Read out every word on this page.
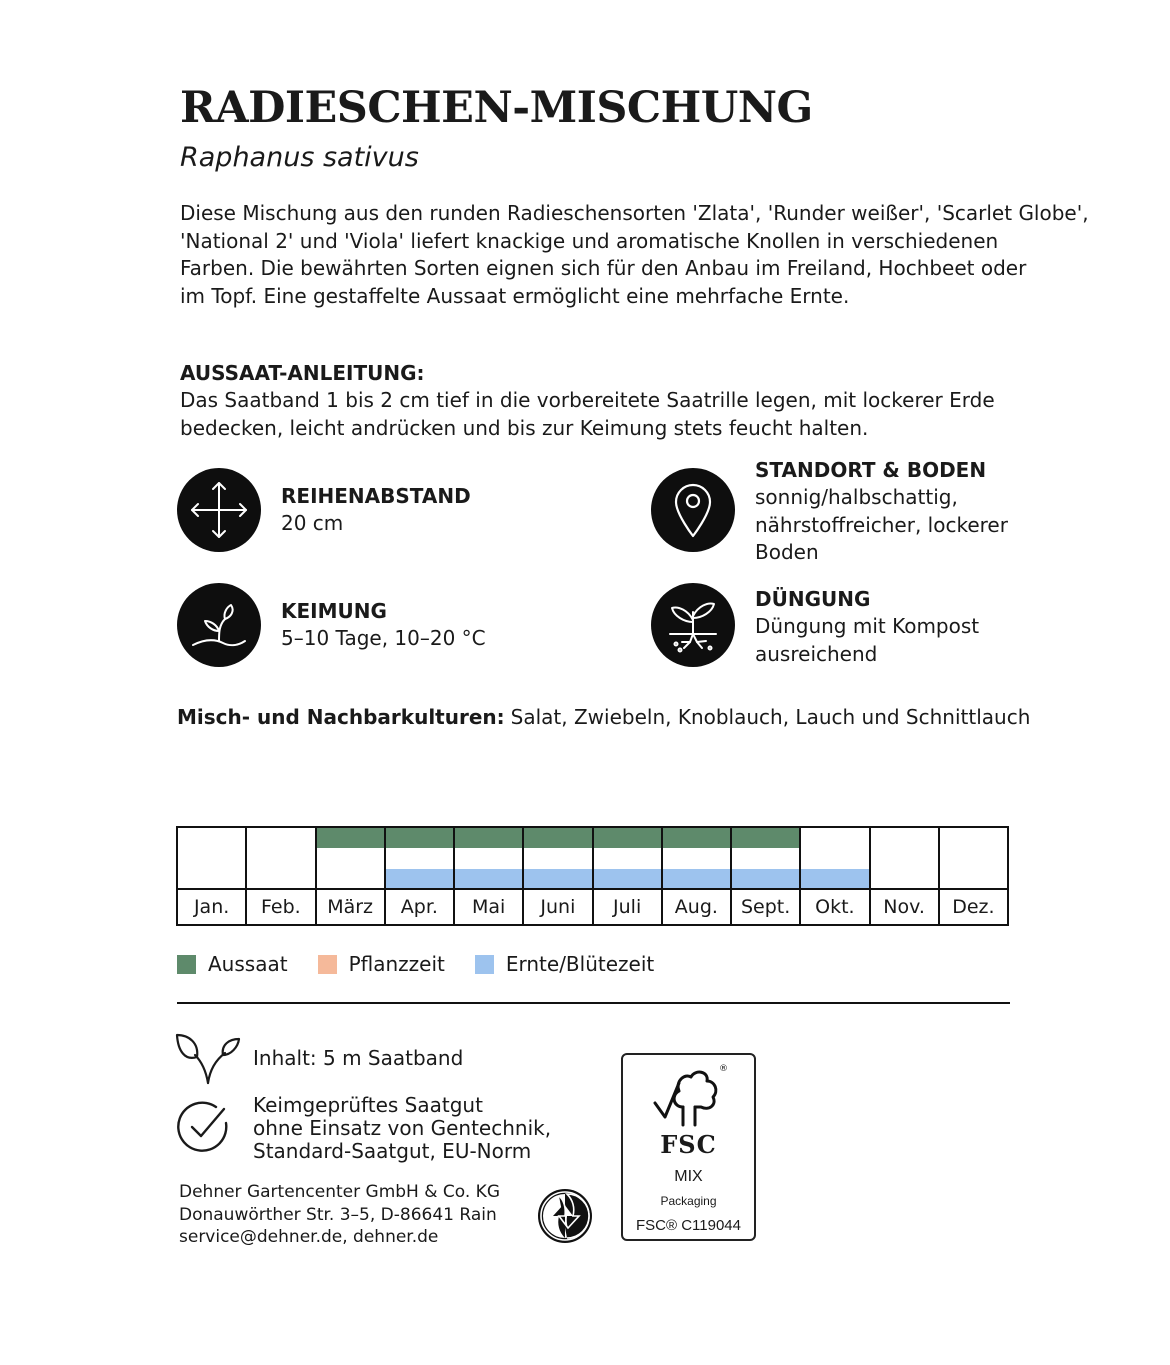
RADIESCHEN-MISCHUNG
Raphanus sativus

Diese Mischung aus den runden Radieschensorten 'Zlata', 'Runder weißer', 'Scarlet Globe',

'National 2' und 'Viola' liefert knackige und aromatische Knollen in verschiedenen

Farben. Die bewährten Sorten eignen sich für den Anbau im Freiland, Hochbeet oder

im Topf. Eine gestaffelte Aussaat ermöglicht eine mehrfache Ernte.

AUSSAAT-ANLEITUNG:

Das Saatband 1 bis 2 cm tief in die vorbereitete Saatrille legen, mit lockerer Erde

bedecken, leicht andrücken und bis zur Keimung stets feucht halten.

REIHENABSTAND
20 cm
STANDORT & BODEN
sonnig/halbschattig,
nährstoffreicher, lockerer
Boden
KEIMUNG
5–10 Tage, 10–20 °C
DÜNGUNG
Düngung mit Kompost
ausreichend
Misch- und Nachbarkulturen: Salat, Zwiebeln, Knoblauch, Lauch und Schnittlauch

Jan.	Feb.	März	Apr.	Mai	Juni	Juli	Aug.	Sept.	Okt.	Nov.	Dez.
Aussaat	Pflanzzeit	Ernte/Blütezeit
Inhalt: 5 m Saatband
Keimgeprüftes Saatgut
ohne Einsatz von Gentechnik,
Standard-Saatgut, EU-Norm
Dehner Gartencenter GmbH & Co. KG
Donauwörther Str. 3–5, D-86641 Rain
service@dehner.de, dehner.de
®
FSC
MIX
Packaging
FSC® C119044
